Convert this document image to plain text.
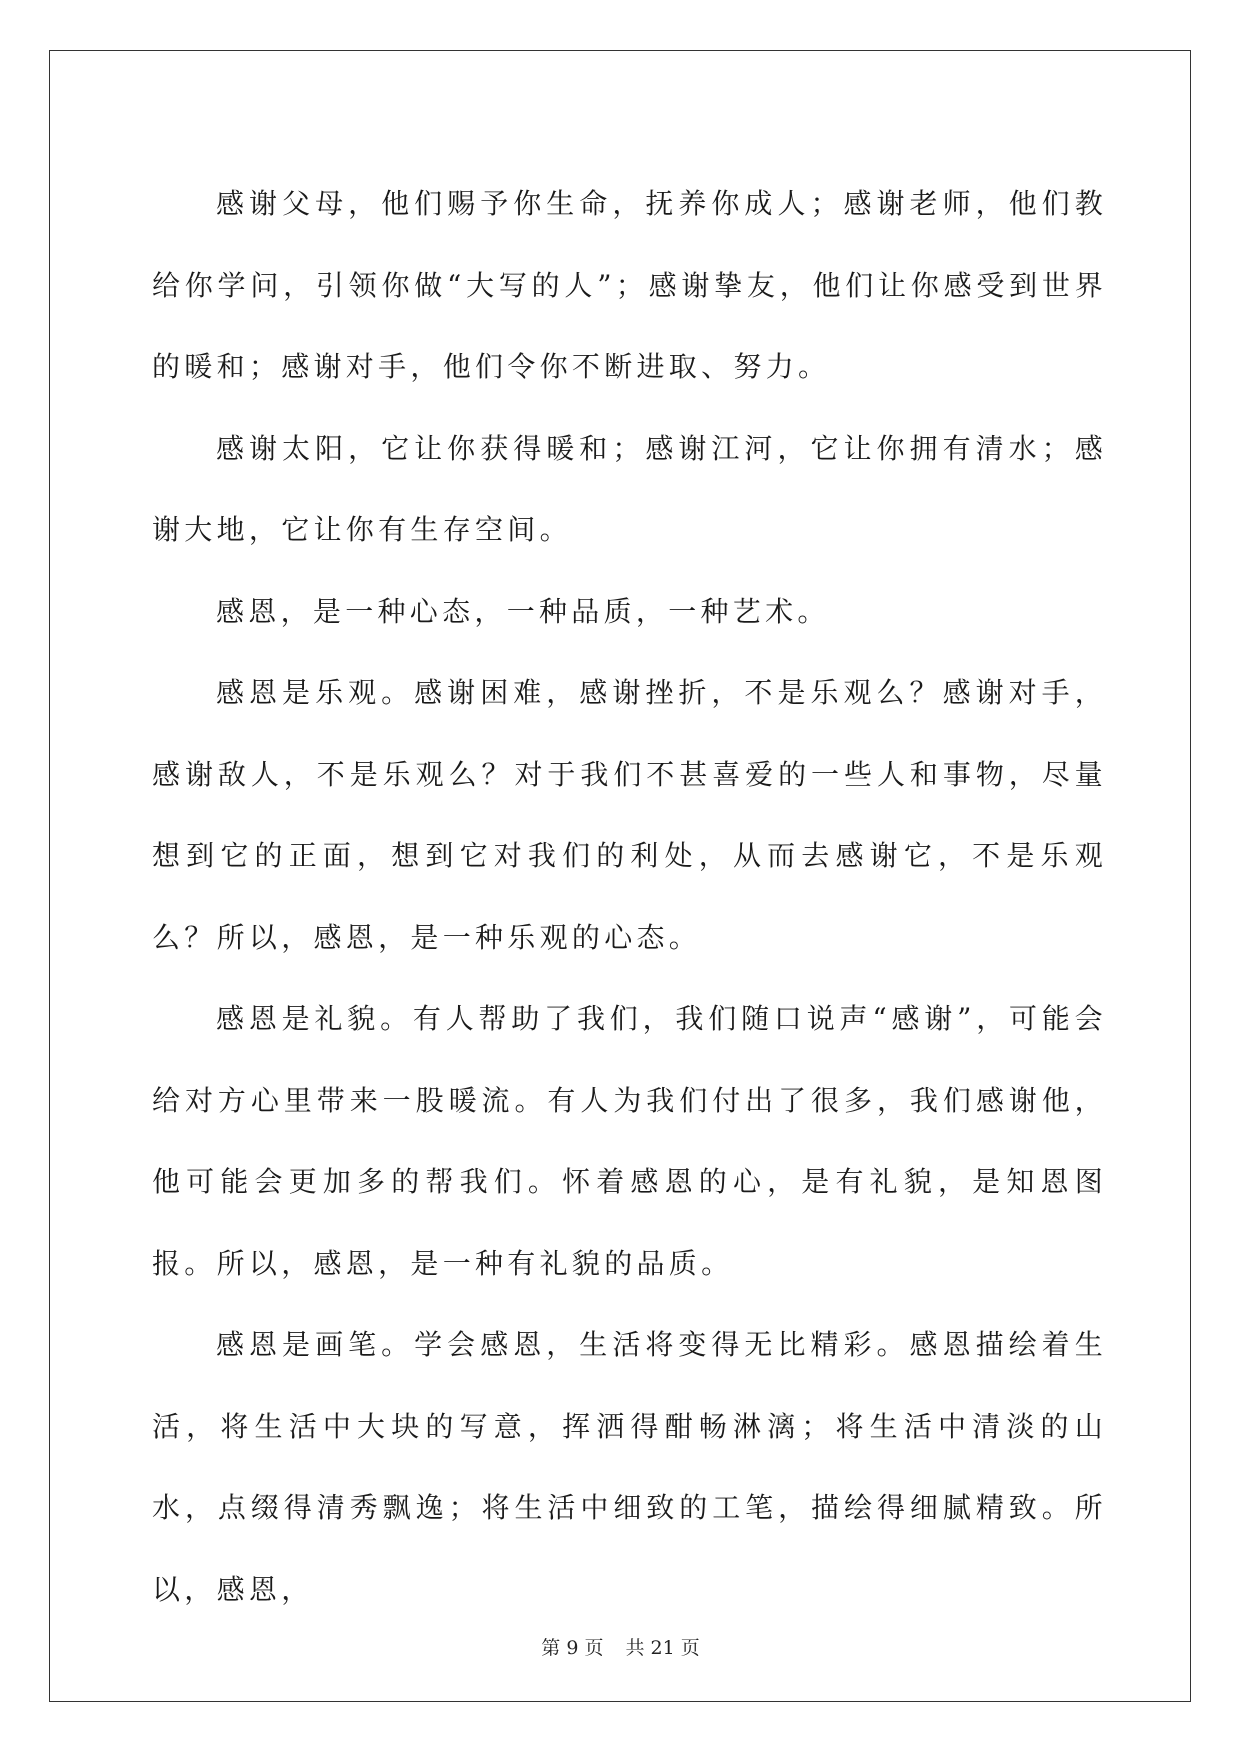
感谢父母，他们赐予你生命，抚养你成人；感谢老师，他们教给你学问，引领你做“大写的人”；感谢挚友，他们让你感受到世界的暖和；感谢对手，他们令你不断进取、努力。

感谢太阳，它让你获得暖和；感谢江河，它让你拥有清水；感谢大地，它让你有生存空间。

感恩，是一种心态，一种品质，一种艺术。

感恩是乐观。感谢困难，感谢挫折，不是乐观么？感谢对手，感谢敌人，不是乐观么？对于我们不甚喜爱的一些人和事物，尽量想到它的正面，想到它对我们的利处，从而去感谢它，不是乐观么？所以，感恩，是一种乐观的心态。

感恩是礼貌。有人帮助了我们，我们随口说声“感谢”，可能会给对方心里带来一股暖流。有人为我们付出了很多，我们感谢他，他可能会更加多的帮我们。怀着感恩的心，是有礼貌，是知恩图报。所以，感恩，是一种有礼貌的品质。

感恩是画笔。学会感恩，生活将变得无比精彩。感恩描绘着生活，将生活中大块的写意，挥洒得酣畅淋漓；将生活中清淡的山水，点缀得清秀飘逸；将生活中细致的工笔，描绘得细腻精致。所以，感恩，

第 9 页 共 21 页
